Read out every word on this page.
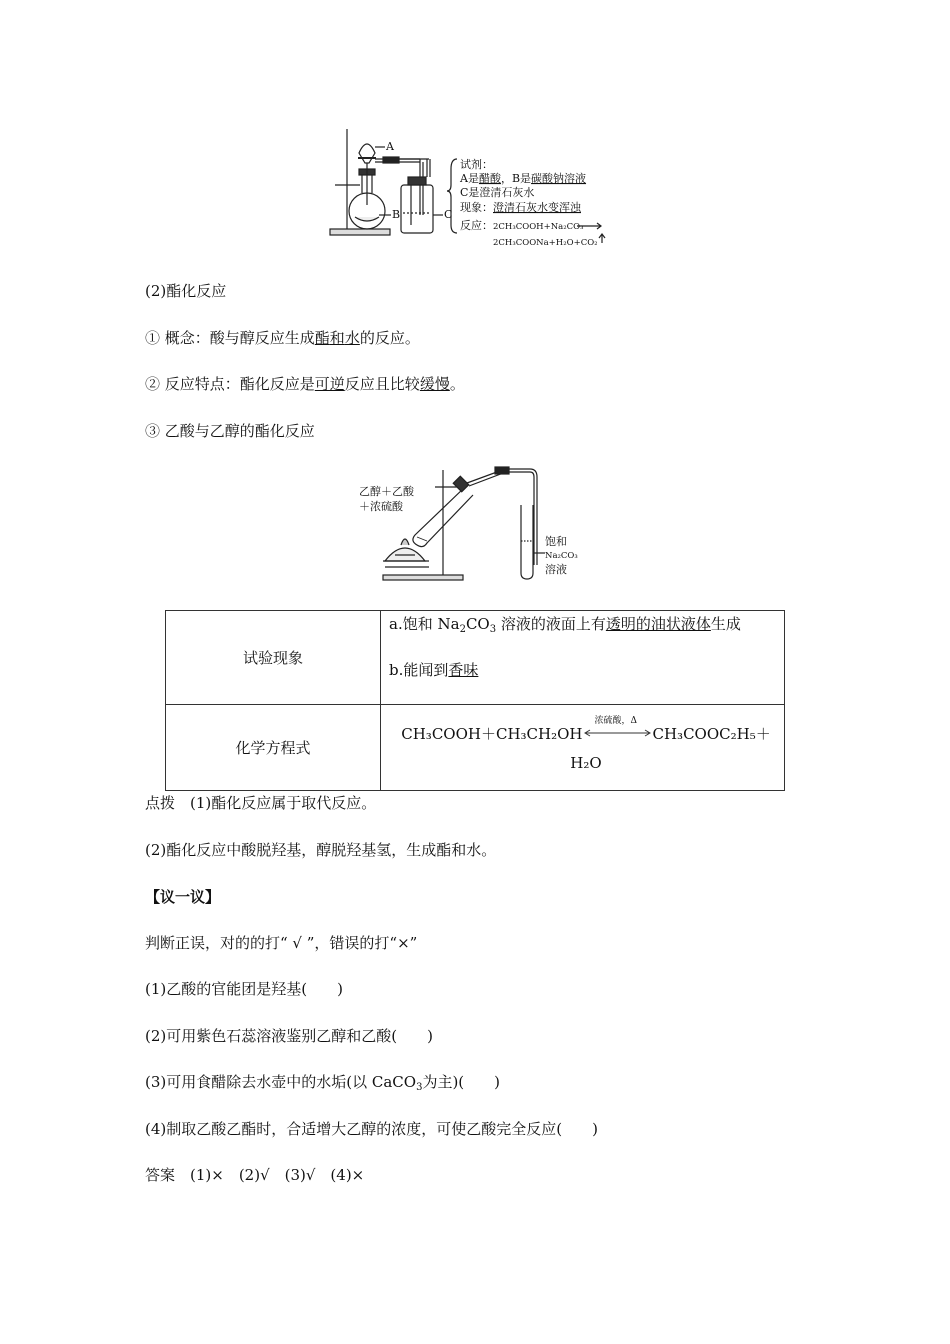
A
B	C
试剂：
A是醋酸，B是碳酸钠溶液
C是澄清石灰水
现象：澄清石灰水变浑浊
反应：2CH₃COOH+Na₂CO₃
2CH₃COONa+H₂O+CO₂
(2)酯化反应
① 概念：酸与醇反应生成酯和水的反应。
② 反应特点：酯化反应是可逆反应且比较缓慢。
③ 乙酸与乙醇的酯化反应
乙醇＋乙酸
＋浓硫酸
饱和
Na₂CO₃
溶液
试验现象	a.饱和 $Na_2CO_3$ 溶液的液面上有透明的油状液体生成
b.能闻到香味

化学方程式	CH₃COOH＋CH₃CH₂OH
浓硫酸，Δ
CH₃COOC₂H₅＋
H₂O
点拨　(1)酯化反应属于取代反应。
(2)酯化反应中酸脱羟基，醇脱羟基氢，生成酯和水。
【议一议】
判断正误，对的的打“ √ ”，错误的打“×”
(1)乙酸的官能团是羟基(　　)
(2)可用紫色石蕊溶液鉴别乙醇和乙酸(　　)
(3)可用食醋除去水壶中的水垢(以 CaCO$_3$为主)(　　)
(4)制取乙酸乙酯时，合适增大乙醇的浓度，可使乙酸完全反应(　　)
答案　(1)×　(2)√　(3)√　(4)×
